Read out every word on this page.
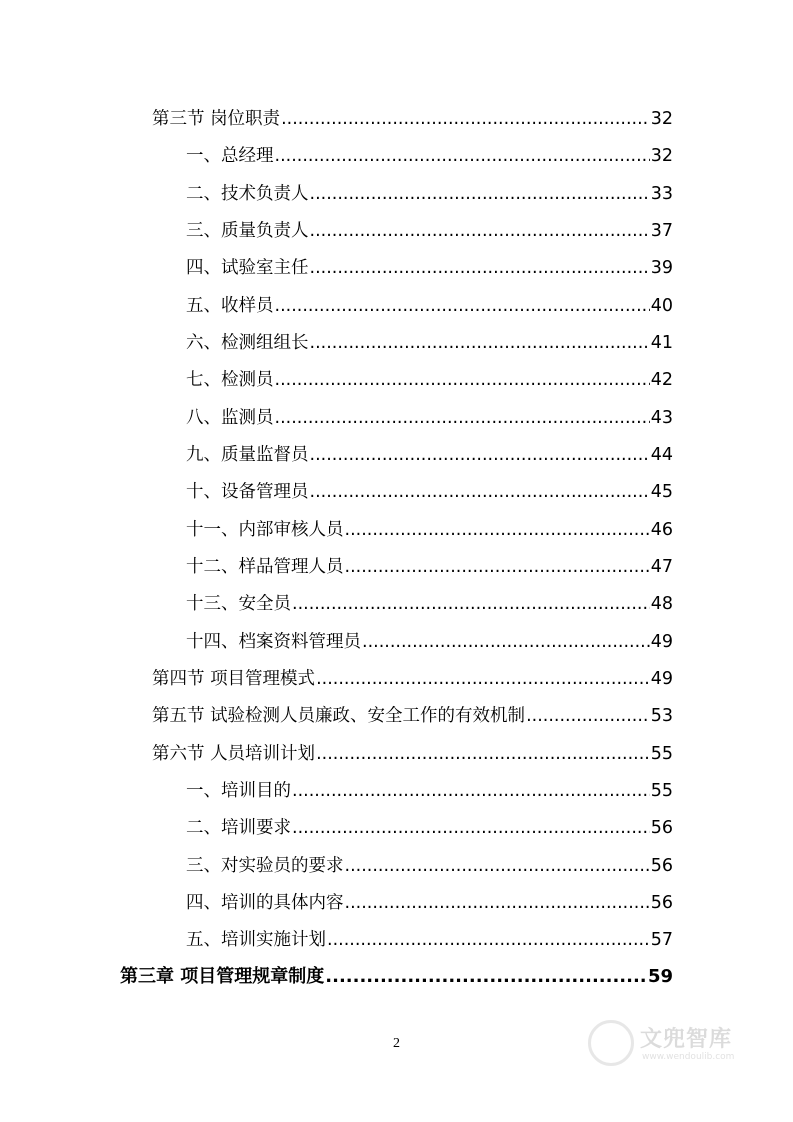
第三节 岗位职责 .....	32
一、总经理 .....	32
二、技术负责人 .....	33
三、质量负责人 .....	37
四、试验室主任 .....	39
五、收样员 .....	40
六、检测组组长 .....	41
七、检测员 .....	42
八、监测员 .....	43
九、质量监督员 .....	44
十、设备管理员 .....	45
十一、内部审核人员 .....	46
十二、样品管理人员 .....	47
十三、安全员 .....	48
十四、档案资料管理员 .....	49
第四节 项目管理模式 .....	49
第五节 试验检测人员廉政、安全工作的有效机制 .....	53
第六节 人员培训计划 .....	55
一、培训目的 .....	55
二、培训要求 .....	56
三、对实验员的要求 .....	56
四、培训的具体内容 .....	56
五、培训实施计划 .....	57
第三章 项目管理规章制度 .....	59
2	文兜智库
www.wendoulib.com
